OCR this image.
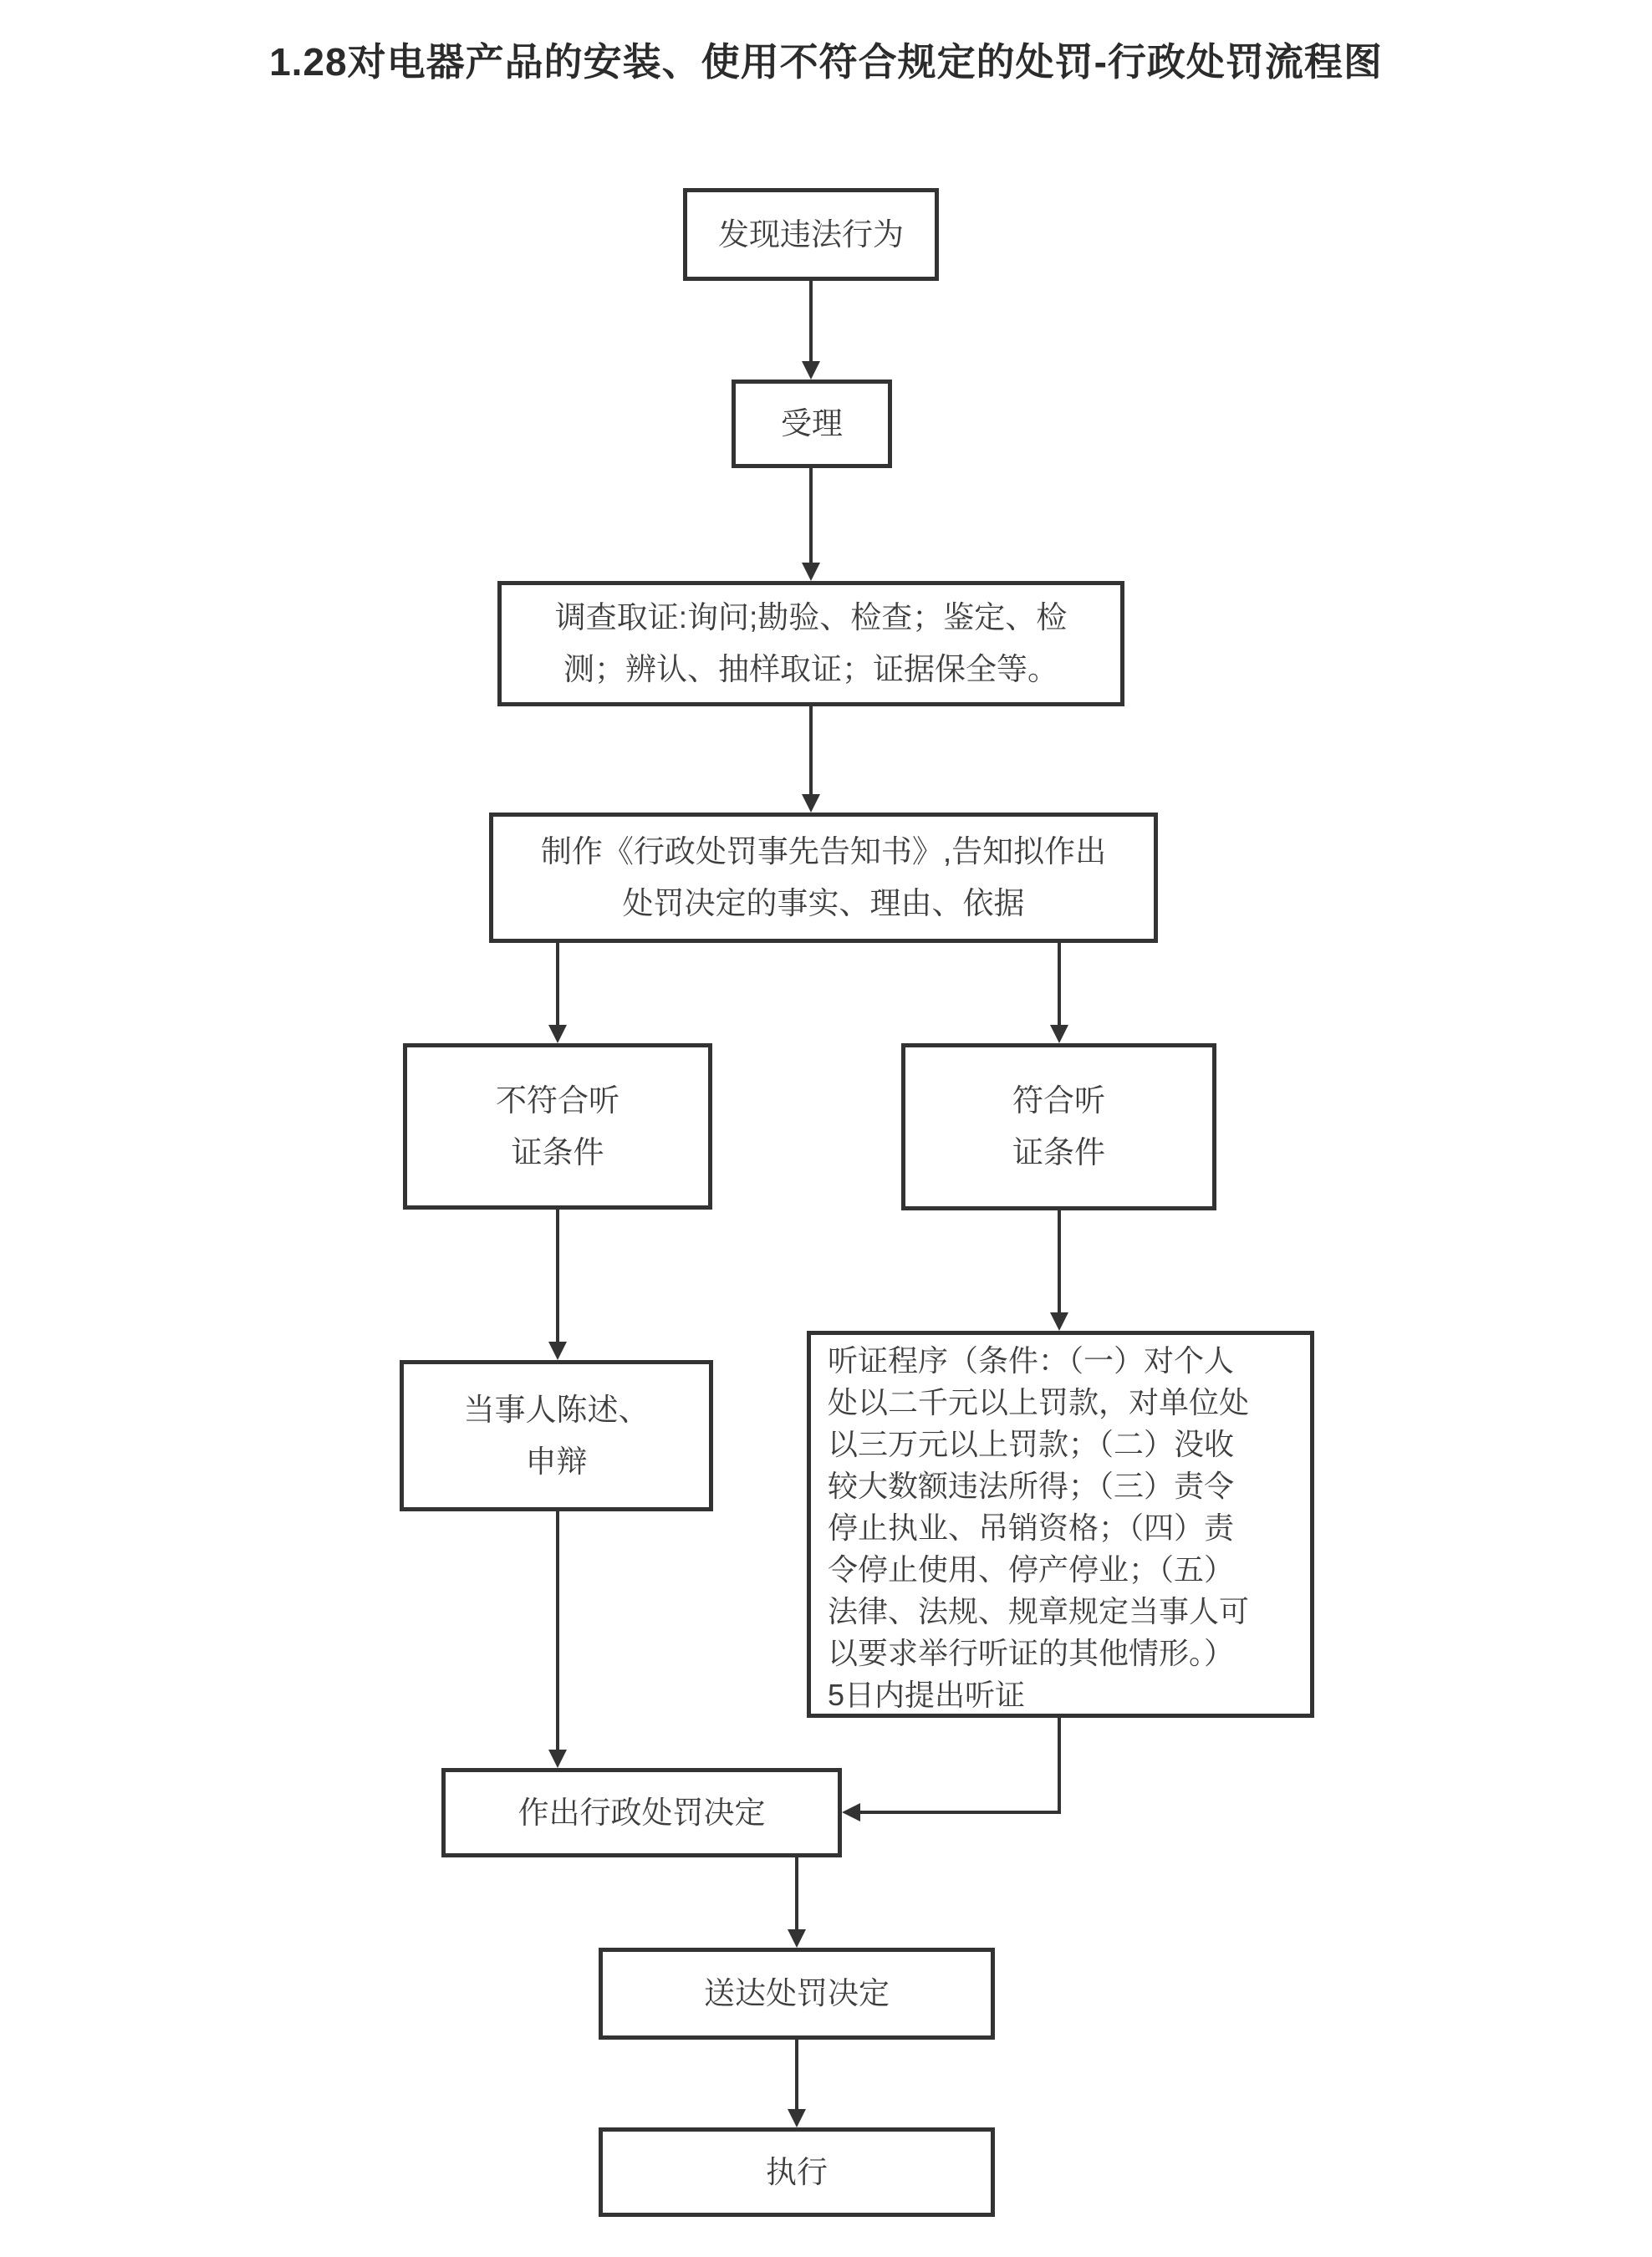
1.28对电器产品的安装、使用不符合规定的处罚-行政处罚流程图
发现违法行为
受理
调查取证:询问;勘验、检查；鉴定、检
测；辨认、抽样取证；证据保全等。
制作《行政处罚事先告知书》,告知拟作出
处罚决定的事实、理由、依据
不符合听
证条件
符合听
证条件
当事人陈述、
申辩
听证程序（条件：（一）对个人
处以二千元以上罚款，对单位处
以三万元以上罚款；（二）没收
较大数额违法所得；（三）责令
停止执业、吊销资格；（四）责
令停止使用、停产停业；（五）
法律、法规、规章规定当事人可
以要求举行听证的其他情形。）
5日内提出听证
作出行政处罚决定
送达处罚决定
执行
